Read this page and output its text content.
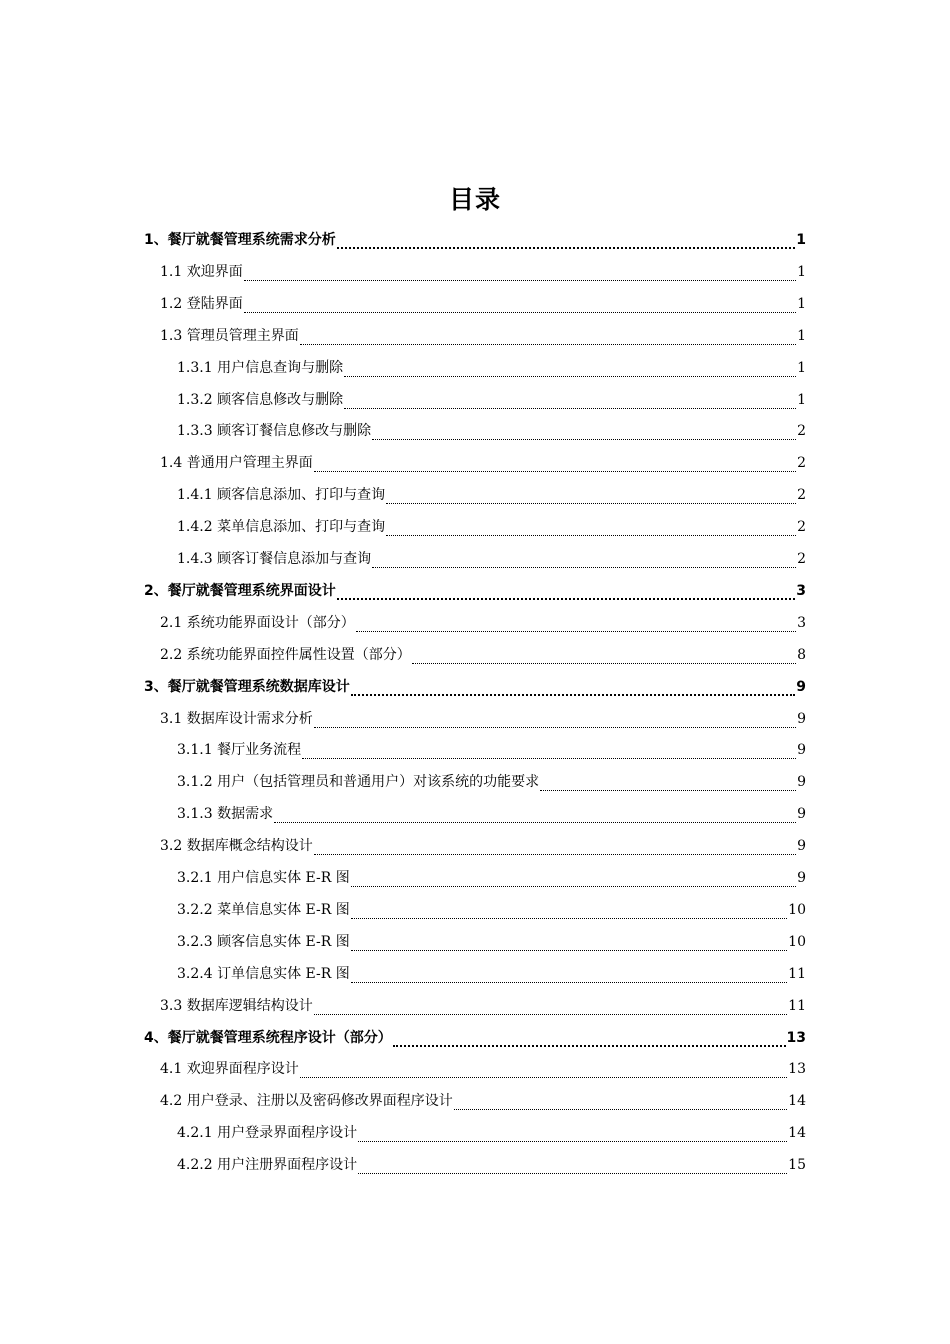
目录
1、餐厅就餐管理系统需求分析	1
1.1 欢迎界面	1
1.2 登陆界面	1
1.3 管理员管理主界面	1
1.3.1 用户信息查询与删除	1
1.3.2 顾客信息修改与删除	1
1.3.3 顾客订餐信息修改与删除	2
1.4 普通用户管理主界面	2
1.4.1 顾客信息添加、打印与查询	2
1.4.2 菜单信息添加、打印与查询	2
1.4.3 顾客订餐信息添加与查询	2
2、餐厅就餐管理系统界面设计	3
2.1 系统功能界面设计（部分）	3
2.2 系统功能界面控件属性设置（部分）	8
3、餐厅就餐管理系统数据库设计	9
3.1 数据库设计需求分析	9
3.1.1 餐厅业务流程	9
3.1.2 用户（包括管理员和普通用户）对该系统的功能要求	9
3.1.3 数据需求	9
3.2 数据库概念结构设计	9
3.2.1 用户信息实体 E-R 图	9
3.2.2 菜单信息实体 E-R 图	10
3.2.3 顾客信息实体 E-R 图	10
3.2.4 订单信息实体 E-R 图	11
3.3 数据库逻辑结构设计	11
4、餐厅就餐管理系统程序设计（部分）	13
4.1 欢迎界面程序设计	13
4.2 用户登录、注册以及密码修改界面程序设计	14
4.2.1 用户登录界面程序设计	14
4.2.2 用户注册界面程序设计	15
